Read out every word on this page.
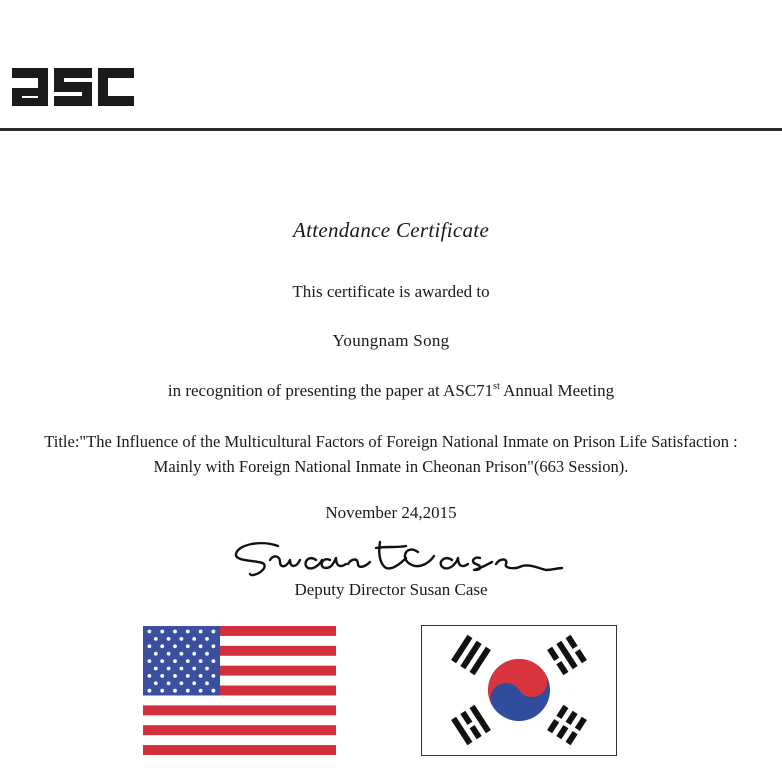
Attendance Certificate
This certificate is awarded to
Youngnam Song
in recognition of presenting the paper at ASC71st Annual Meeting
Title:"The Influence of the Multicultural Factors of Foreign National Inmate on Prison Life Satisfaction :
Mainly with Foreign National Inmate in Cheonan Prison"(663 Session).
November 24,2015
Deputy Director Susan Case
